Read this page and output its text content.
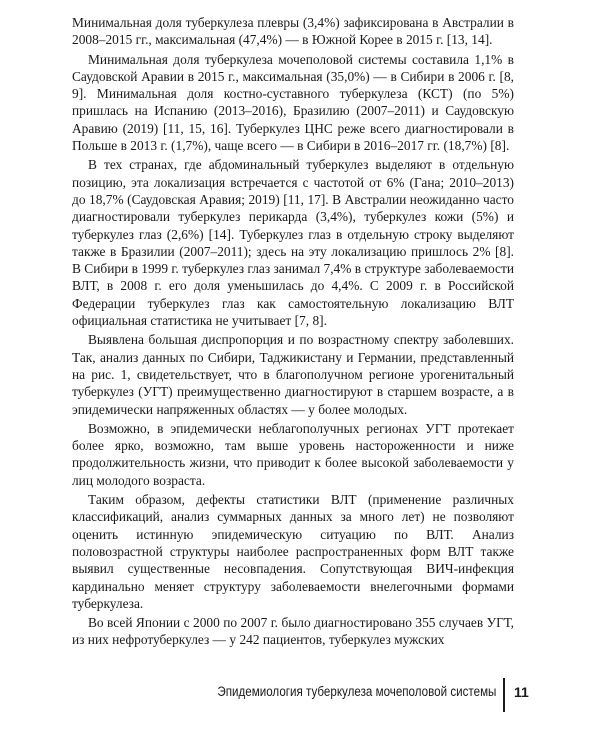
Минимальная доля туберкулеза плевры (3,4%) зафиксирована в Австралии в 2008–2015 гг., максимальная (47,4%) — в Южной Корее в 2015 г. [13, 14].

Минимальная доля туберкулеза мочеполовой системы составила 1,1% в Саудовской Аравии в 2015 г., максимальная (35,0%) — в Сибири в 2006 г. [8, 9]. Минимальная доля костно-суставного туберкулеза (КСТ) (по 5%) пришлась на Испанию (2013–2016), Бразилию (2007–2011) и Саудовскую Аравию (2019) [11, 15, 16]. Туберкулез ЦНС реже всего диагностировали в Польше в 2013 г. (1,7%), чаще всего — в Сибири в 2016–2017 гг. (18,7%) [8].

В тех странах, где абдоминальный туберкулез выделяют в отдельную позицию, эта локализация встречается с частотой от 6% (Гана; 2010–2013) до 18,7% (Саудовская Аравия; 2019) [11, 17]. В Австралии неожиданно часто диагностировали туберкулез перикарда (3,4%), туберкулез кожи (5%) и туберкулез глаз (2,6%) [14]. Туберкулез глаз в отдельную строку выделяют также в Бразилии (2007–2011); здесь на эту локализацию пришлось 2% [8]. В Сибири в 1999 г. туберкулез глаз занимал 7,4% в структуре заболеваемости ВЛТ, в 2008 г. его доля уменьшилась до 4,4%. С 2009 г. в Российской Федерации туберкулез глаз как самостоятельную локализацию ВЛТ официальная статистика не учитывает [7, 8].

Выявлена большая диспропорция и по возрастному спектру заболевших. Так, анализ данных по Сибири, Таджикистану и Германии, представленный на рис. 1, свидетельствует, что в благополучном регионе урогенитальный туберкулез (УГТ) преимущественно диагностируют в старшем возрасте, а в эпидемически напряженных областях — у более молодых.

Возможно, в эпидемически неблагополучных регионах УГТ протекает более ярко, возможно, там выше уровень настороженности и ниже продолжительность жизни, что приводит к более высокой заболеваемости у лиц молодого возраста.

Таким образом, дефекты статистики ВЛТ (применение различных классификаций, анализ суммарных данных за много лет) не позволяют оценить истинную эпидемическую ситуацию по ВЛТ. Анализ половозрастной структуры наиболее распространенных форм ВЛТ также выявил существенные несовпадения. Сопутствующая ВИЧ-инфекция кардинально меняет структуру заболеваемости внелегочными формами туберкулеза.

Во всей Японии с 2000 по 2007 г. было диагностировано 355 случаев УГТ, из них нефротуберкулез — у 242 пациентов, туберкулез мужских

Эпидемиология туберкулеза мочеполовой системы 11
